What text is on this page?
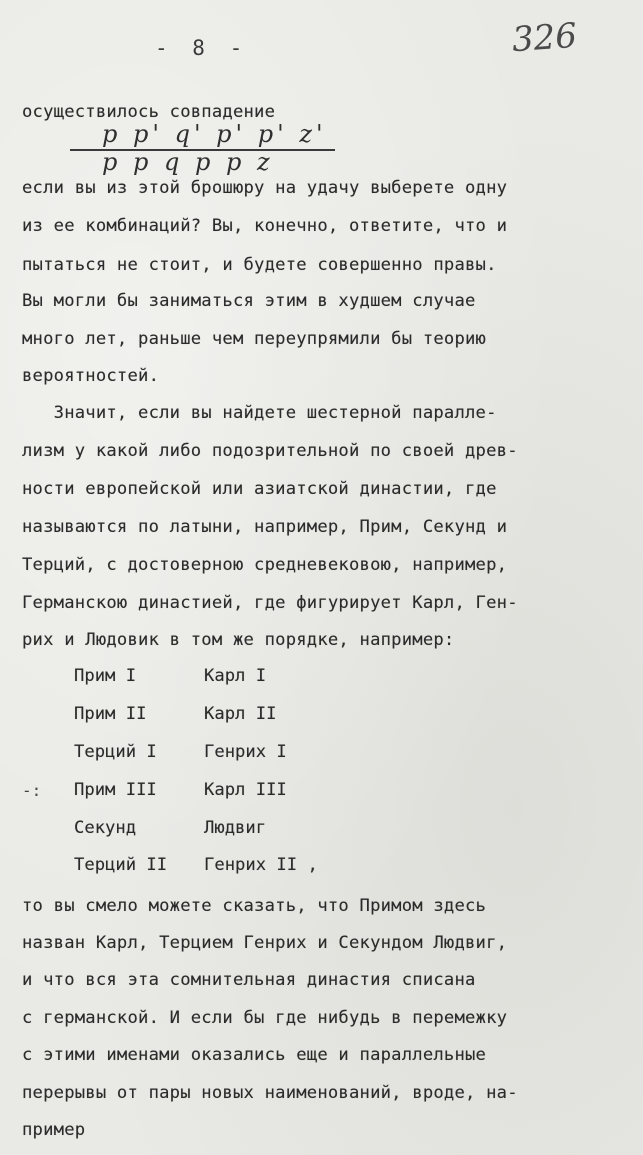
- 8 -	326
осуществилось совпадение
p p' q' p' p' z'
p p q p p z
если вы из этой брошюру на удачу выберете одну
из ее комбинаций? Вы, конечно, ответите, что и
пытаться не стоит, и будете совершенно правы.
Вы могли бы заниматься этим в худшем случае
много лет, раньше чем переупрямили бы теорию
вероятностей.
Значит, если вы найдете шестерной паралле-
лизм у какой либо подозрительной по своей древ-
ности европейской или азиатской династии, где
называются по латыни, например, Прим, Секунд и
Терций, с достоверною средневековою, например,
Германскою династией, где фигурирует Карл, Ген-
рих и Людовик в том же порядке, например:
Прим I	Карл I
Прим II	Карл II
Терций I	Генрих I
Прим III	Карл III
Секунд	Людвиг
Терций II Генрих II ,
-:
то вы смело можете сказать, что Примом здесь
назван Карл, Терцием Генрих и Секундом Людвиг,
и что вся эта сомнительная династия списана
с германской. И если бы где нибудь в перемежку
с этими именами оказались еще и параллельные
перерывы от пары новых наименований, вроде, на-
пример
